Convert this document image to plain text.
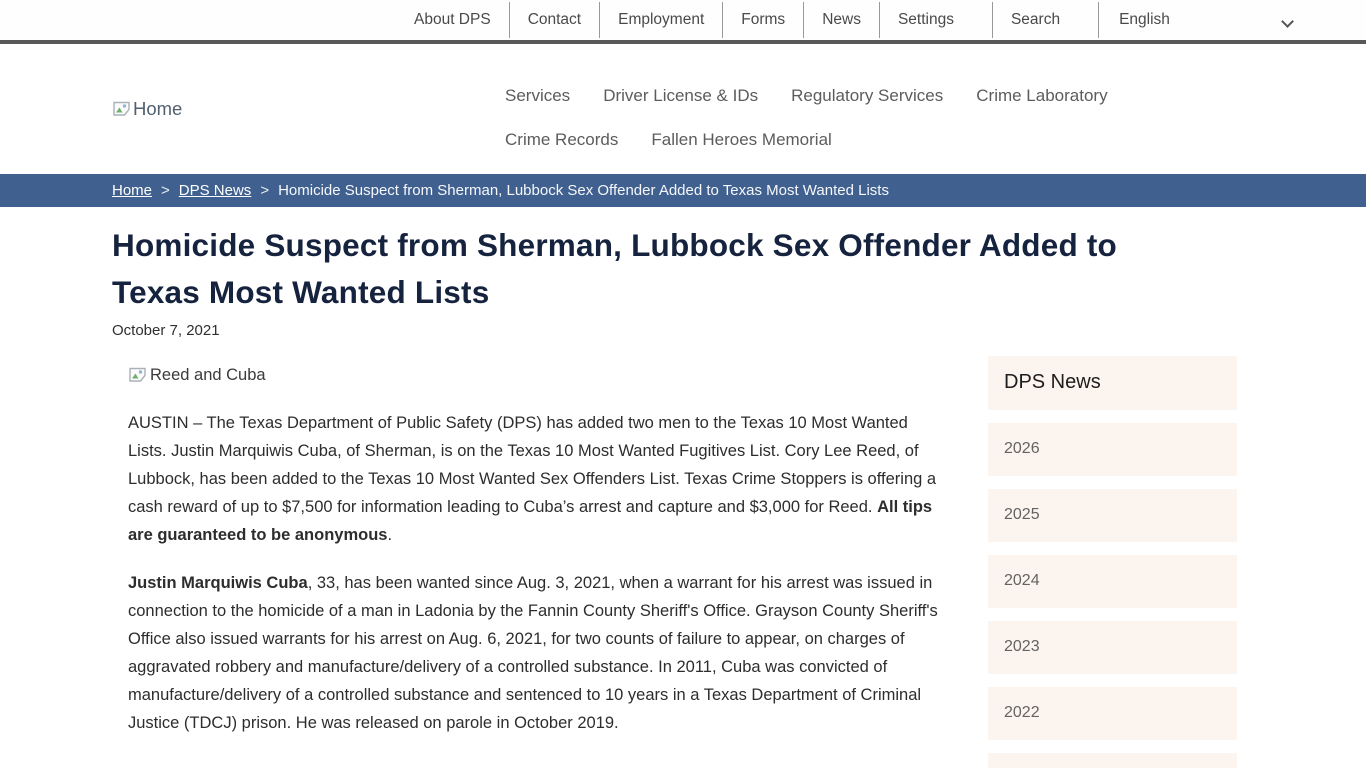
About DPS	Contact	Employment	Forms	News	Settings	Search	English
Home
Services Driver License & IDs Regulatory Services Crime Laboratory
Crime Records Fallen Heroes Memorial
Home > DPS News > Homicide Suspect from Sherman, Lubbock Sex Offender Added to Texas Most Wanted Lists
Homicide Suspect from Sherman, Lubbock Sex Offender Added to Texas Most Wanted Lists
October 7, 2021
Reed and Cuba

AUSTIN – The Texas Department of Public Safety (DPS) has added two men to the Texas 10 Most Wanted Lists. Justin Marquiwis Cuba, of Sherman, is on the Texas 10 Most Wanted Fugitives List. Cory Lee Reed, of Lubbock, has been added to the Texas 10 Most Wanted Sex Offenders List. Texas Crime Stoppers is offering a cash reward of up to $7,500 for information leading to Cuba’s arrest and capture and $3,000 for Reed. All tips are guaranteed to be anonymous.

Justin Marquiwis Cuba, 33, has been wanted since Aug. 3, 2021, when a warrant for his arrest was issued in connection to the homicide of a man in Ladonia by the Fannin County Sheriff's Office. Grayson County Sheriff's Office also issued warrants for his arrest on Aug. 6, 2021, for two counts of failure to appear, on charges of aggravated robbery and manufacture/delivery of a controlled substance. In 2011, Cuba was convicted of manufacture/delivery of a controlled substance and sentenced to 10 years in a Texas Department of Criminal Justice (TDCJ) prison. He was released on parole in October 2019.

DPS News
2026
2025
2024
2023
2022
